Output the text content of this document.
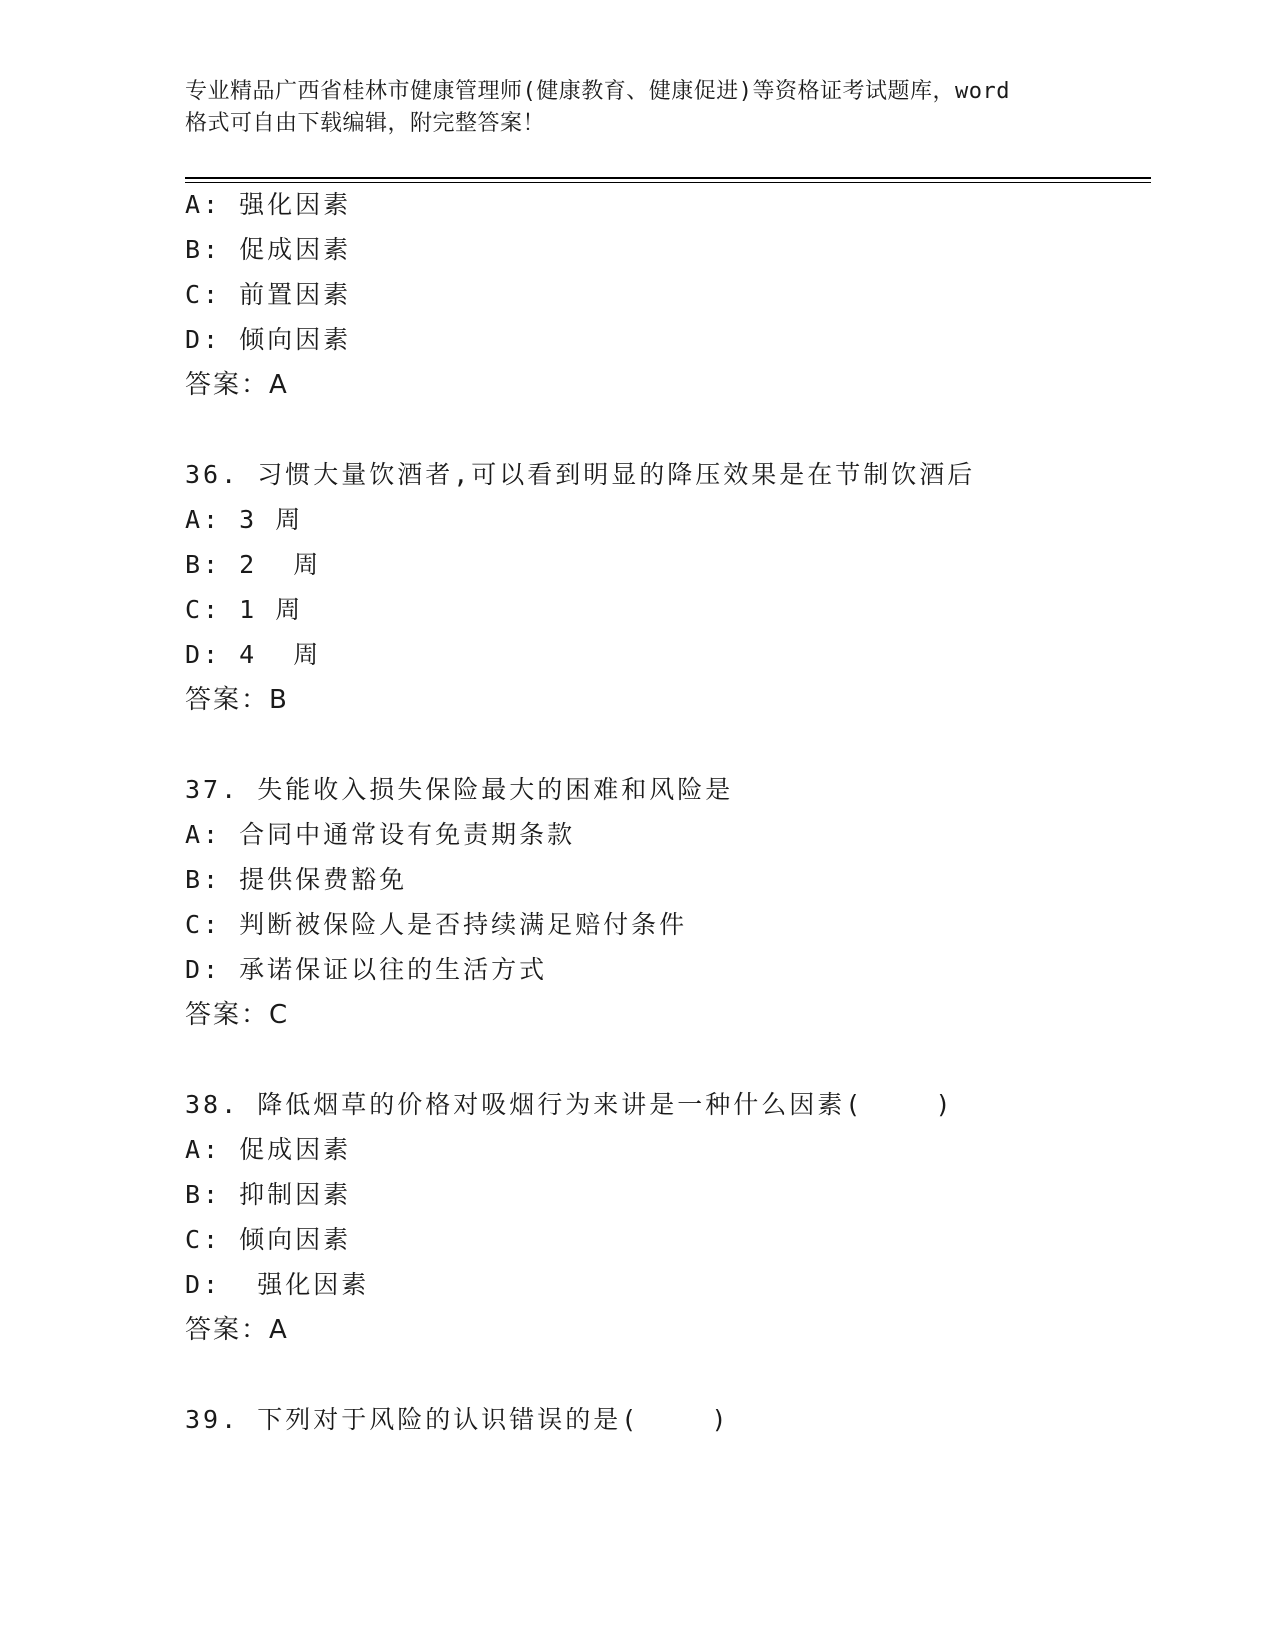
专业精品广西省桂林市健康管理师(健康教育、健康促进)等资格证考试题库，word
格式可自由下载编辑，附完整答案！
A: 强化因素
B: 促成因素
C: 前置因素
D: 倾向因素
答案：A
36. 习惯大量饮酒者,可以看到明显的降压效果是在节制饮酒后
A: 3 周
B: 2  周
C: 1 周
D: 4  周
答案：B
37. 失能收入损失保险最大的困难和风险是
A: 合同中通常设有免责期条款
B: 提供保费豁免
C: 判断被保险人是否持续满足赔付条件
D: 承诺保证以往的生活方式
答案：C
38. 降低烟草的价格对吸烟行为来讲是一种什么因素(    )
A: 促成因素
B: 抑制因素
C: 倾向因素
D:  强化因素
答案：A
39. 下列对于风险的认识错误的是(    )
